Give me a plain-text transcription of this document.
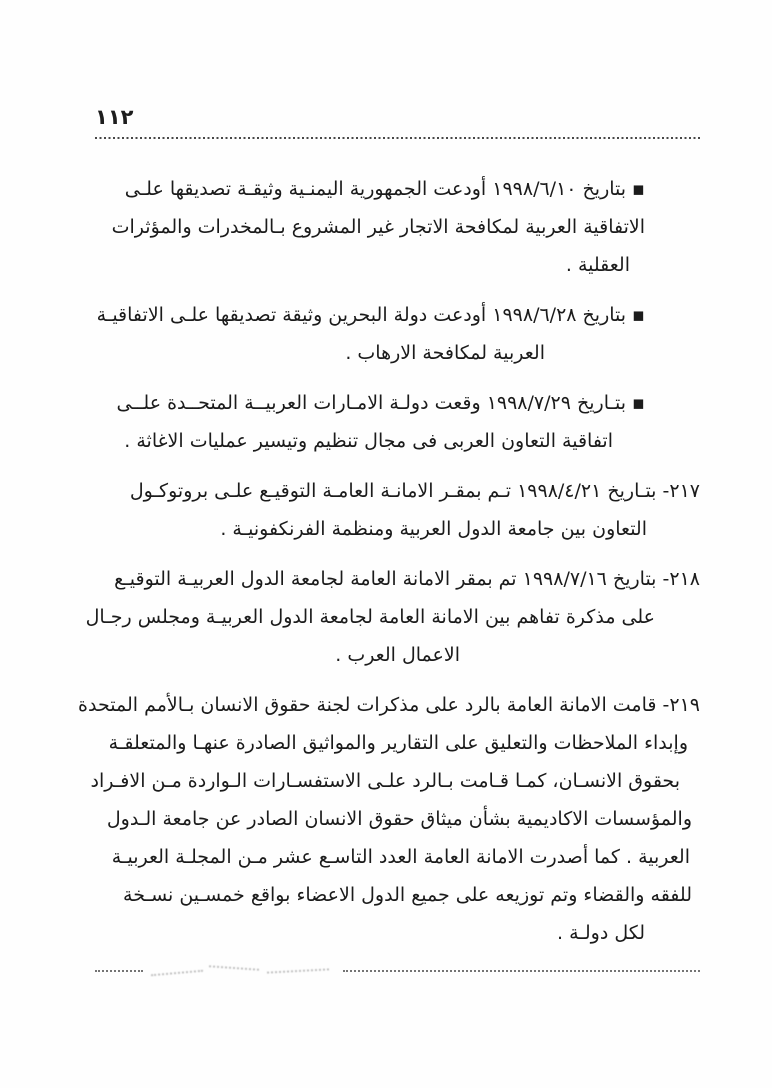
١١٢
▪ بتاريخ ١٩٩٨/٦/١٠ أودعت الجمهورية اليمنـية وثيقـة تصديقها علـى
الاتفاقية العربية لمكافحة الاتجار غير المشروع بـالمخدرات والمؤثرات
العقلية .
▪ بتاريخ ١٩٩٨/٦/٢٨ أودعت دولة البحرين وثيقة تصديقها علـى الاتفاقيـة
العربية لمكافحة الارهاب .
▪ بتـاريخ ١٩٩٨/٧/٢٩ وقعت دولـة الامـارات العربيــة المتحــدة علــى
اتفاقية التعاون العربى فى مجال تنظيم وتيسير عمليات الاغاثة .
٢١٧- بتـاريخ ١٩٩٨/٤/٢١ تـم بمقـر الامانـة العامـة التوقيـع علـى بروتوكـول
التعاون بين جامعة الدول العربية ومنظمة الفرنكفونيـة .
٢١٨- بتاريخ ١٩٩٨/٧/١٦ تم بمقر الامانة العامة لجامعة الدول العربيـة التوقيـع
على مذكرة تفاهم بين الامانة العامة لجامعة الدول العربيـة ومجلس رجـال
الاعمال العرب .
٢١٩- قامت الامانة العامة بالرد على مذكرات لجنة حقوق الانسان بـالأمم المتحدة
وإبداء الملاحظات والتعليق على التقارير والمواثيق الصادرة عنهـا والمتعلقـة
بحقوق الانسـان، كمـا قـامت بـالرد علـى الاستفسـارات الـواردة مـن الافـراد
والمؤسسات الاكاديمية بشأن ميثاق حقوق الانسان الصادر عن جامعة الـدول
العربية . كما أصدرت الامانة العامة العدد التاسـع عشر مـن المجلـة العربيـة
للفقه والقضاء وتم توزيعه على جميع الدول الاعضاء بواقع خمسـين نسـخة
لكل دولـة .
